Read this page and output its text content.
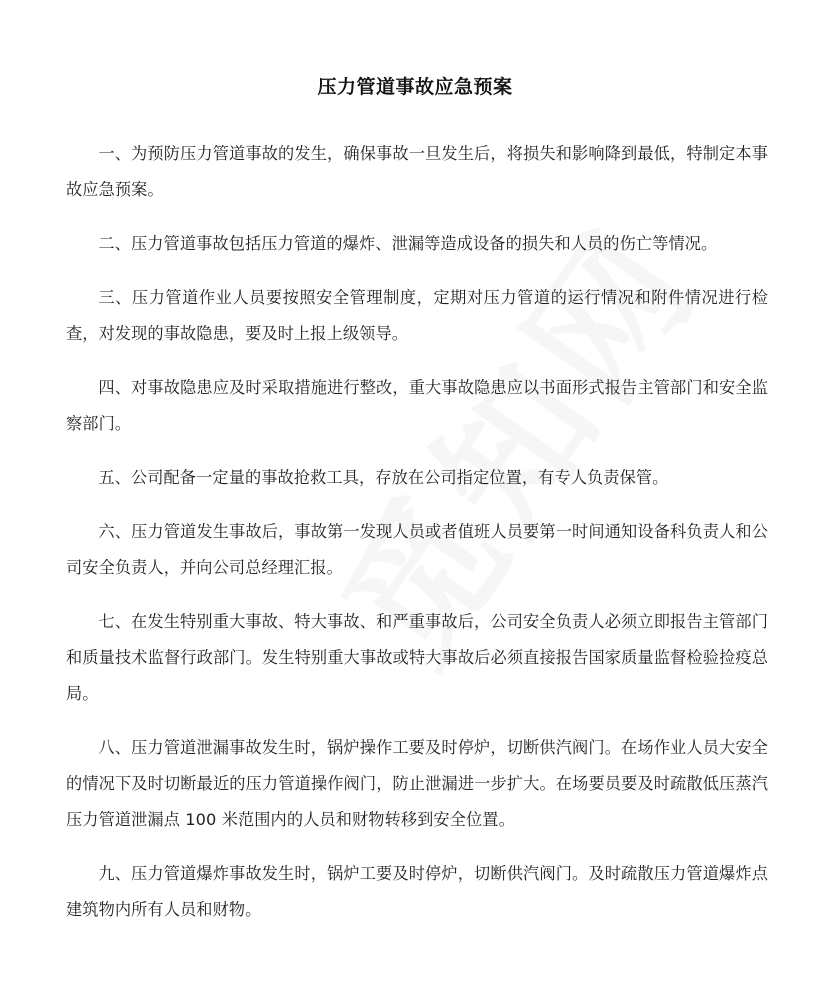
压力管道事故应急预案

一、为预防压力管道事故的发生，确保事故一旦发生后，将损失和影响降到最低，特制定本事故应急预案。

二、压力管道事故包括压力管道的爆炸、泄漏等造成设备的损失和人员的伤亡等情况。

三、压力管道作业人员要按照安全管理制度，定期对压力管道的运行情况和附件情况进行检查，对发现的事故隐患，要及时上报上级领导。

四、对事故隐患应及时采取措施进行整改，重大事故隐患应以书面形式报告主管部门和安全监察部门。

五、公司配备一定量的事故抢救工具，存放在公司指定位置，有专人负责保管。

六、压力管道发生事故后，事故第一发现人员或者值班人员要第一时间通知设备科负责人和公司安全负责人，并向公司总经理汇报。

七、在发生特别重大事故、特大事故、和严重事故后，公司安全负责人必须立即报告主管部门和质量技术监督行政部门。发生特别重大事故或特大事故后必须直接报告国家质量监督检验捡疫总局。

八、压力管道泄漏事故发生时，锅炉操作工要及时停炉，切断供汽阀门。在场作业人员大安全的情况下及时切断最近的压力管道操作阀门，防止泄漏进一步扩大。在场要员要及时疏散低压蒸汽压力管道泄漏点 100 米范围内的人员和财物转移到安全位置。

九、压力管道爆炸事故发生时，锅炉工要及时停炉，切断供汽阀门。及时疏散压力管道爆炸点建筑物内所有人员和财物。
